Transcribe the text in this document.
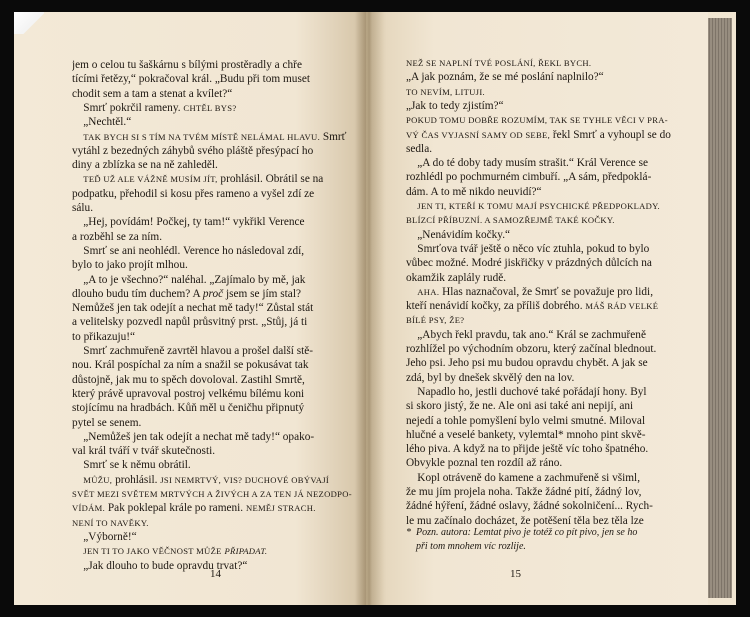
jem o celou tu šaškárnu s bílými prostěradly a chře
tícími řetězy,“ pokračoval král. „Budu při tom muset
chodit sem a tam a stenat a kvílet?“
Smrť pokrčil rameny. CHTĚL BYS?
„Nechtěl.“
TAK BYCH SI S TÍM NA TVÉM MÍSTĚ NELÁMAL HLAVU. Smrť
vytáhl z bezedných záhybů svého pláště přesýpací ho
diny a zblízka se na ně zahleděl.
TEĎ UŽ ALE VÁŽNĚ MUSÍM JÍT, prohlásil. Obrátil se na
podpatku, přehodil si kosu přes rameno a vyšel zdí ze
sálu.
„Hej, povídám! Počkej, ty tam!“ vykřikl Verence
a rozběhl se za ním.
Smrť se ani neohlédl. Verence ho následoval zdí,
bylo to jako projít mlhou.
„A to je všechno?“ naléhal. „Zajímalo by mě, jak
dlouho budu tím duchem? A proč jsem se jím stal?
Nemůžeš jen tak odejít a nechat mě tady!“ Zůstal stát
a velitelsky pozvedl napůl průsvitný prst. „Stůj, já ti
to přikazuju!“
Smrť zachmuřeně zavrtěl hlavou a prošel další stě-
nou. Král pospíchal za ním a snažil se pokusávat tak
důstojně, jak mu to spěch dovoloval. Zastihl Smrtě,
který právě upravoval postroj velkému bílému koni
stojícímu na hradbách. Kůň měl u čeničhu připnutý
pytel se senem.
„Nemůžeš jen tak odejít a nechat mě tady!“ opako-
val král tváří v tvář skutečnosti.
Smrť se k němu obrátil.
MŮŽU, prohlásil. JSI NEMRTVÝ, VIS? DUCHOVÉ OBÝVAJÍ
SVĚT MEZI SVĚTEM MRTVÝCH A ŽIVÝCH A ZA TEN JÁ NEZODPO-
VÍDÁM. Pak poklepal krále po rameni. NEMĚJ STRACH.
NENÍ TO NAVĚKY.
„Výborně!“
JEN TI TO JAKO VĚČNOST MŮŽE PŘIPADAT.
„Jak dlouho to bude opravdu trvat?“
14
NEŽ SE NAPLNÍ TVÉ POSLÁNÍ, ŘEKL BYCH.
„A jak poznám, že se mé poslání naplnilo?“
TO NEVÍM, LITUJI.
„Jak to tedy zjistím?“
POKUD TOMU DOBŘE ROZUMÍM, TAK SE TYHLE VĚCI V PRA-
VÝ ČAS VYJASNÍ SAMY OD SEBE, řekl Smrť a vyhoupl se do
sedla.
„A do té doby tady musím strašit.“ Král Verence se
rozhlédl po pochmurném cimbuří. „A sám, předpoklá-
dám. A to mě nikdo neuvidí?“
JEN TI, KTEŘÍ K TOMU MAJÍ PSYCHICKÉ PŘEDPOKLADY.
BLÍZCÍ PŘÍBUZNÍ. A SAMOZŘEJMĚ TAKÉ KOČKY.
„Nenávidím kočky.“
Smrťova tvář ještě o něco víc ztuhla, pokud to bylo
vůbec možné. Modré jiskřičky v prázdných důlcích na
okamžik zaplály rudě.
AHA. Hlas naznačoval, že Smrť se považuje pro lidi,
kteří nenávidí kočky, za příliš dobrého. MÁŠ RÁD VELKÉ
BÍLÉ PSY, ŽE?
„Abych řekl pravdu, tak ano.“ Král se zachmuřeně
rozhlížel po východním obzoru, který začínal blednout.
Jeho psi. Jeho psi mu budou opravdu chybět. A jak se
zdá, byl by dnešek skvělý den na lov.
Napadlo ho, jestli duchové také pořádají hony. Byl
si skoro jistý, že ne. Ale oni asi také ani nepijí, ani
nejedí a tohle pomyšlení bylo velmi smutné. Miloval
hlučné a veselé bankety, vylemtal* mnoho pint skvě-
lého piva. A když na to přijde ještě víc toho špatného.
Obvykle poznal ten rozdíl až ráno.
Kopl otráveně do kamene a zachmuřeně si všiml,
že mu jím projela noha. Takže žádné pití, žádný lov,
žádné hýření, žádné oslavy, žádné sokolničení... Rych-
le mu začínalo docházet, že potěšení těla bez těla lze
*  Pozn. autora: Lemtat pivo je totéž co pít pivo, jen se ho
při tom mnohem víc rozlije.
15
